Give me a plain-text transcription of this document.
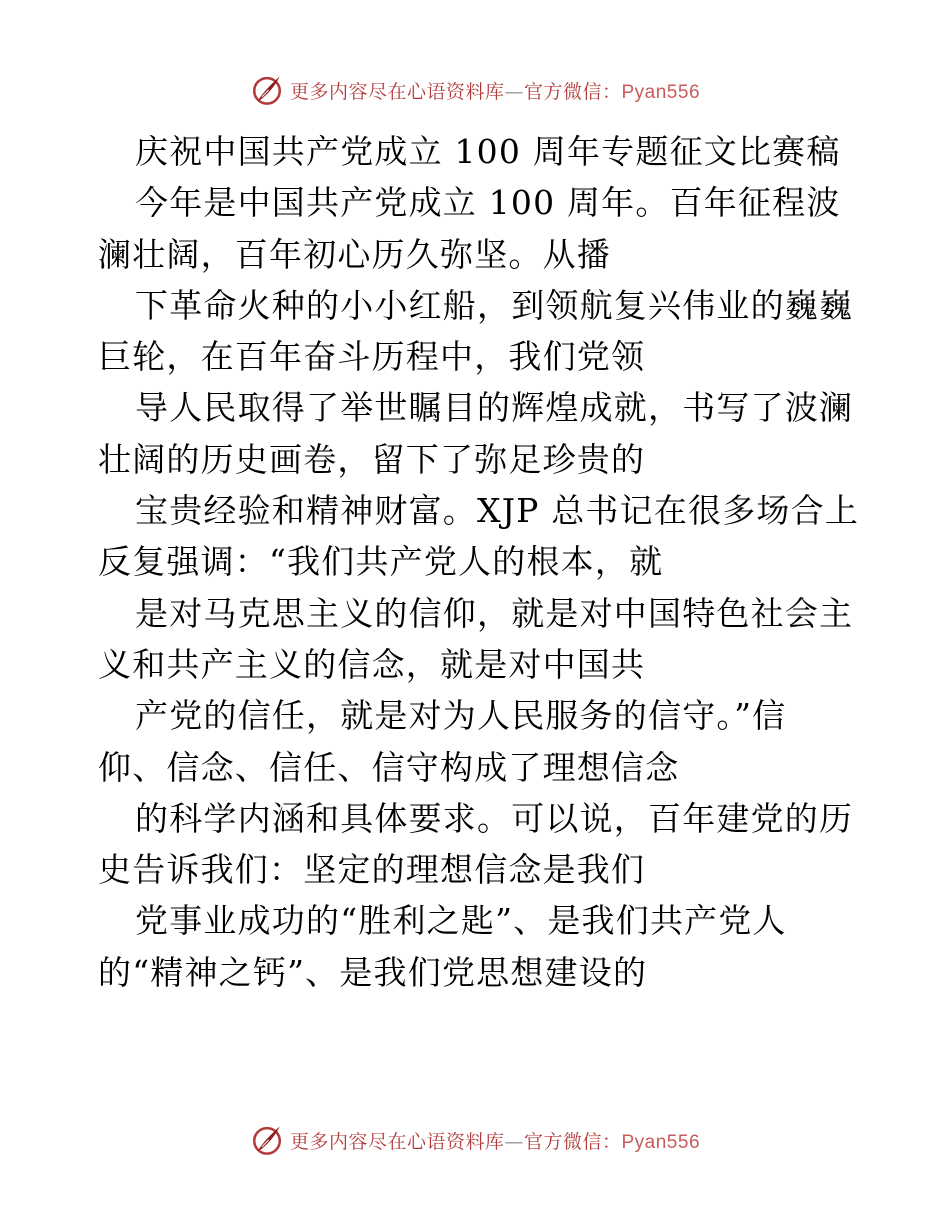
更多内容尽在心语资料库—官方微信：Pyan556
庆祝中国共产党成立 100 周年专题征文比赛稿
今年是中国共产党成立 100 周年。百年征程波
澜壮阔，百年初心历久弥坚。从播
下革命火种的小小红船，到领航复兴伟业的巍巍
巨轮，在百年奋斗历程中，我们党领
导人民取得了举世瞩目的辉煌成就，书写了波澜
壮阔的历史画卷，留下了弥足珍贵的
宝贵经验和精神财富。XJP 总书记在很多场合上
反复强调：“我们共产党人的根本，就
是对马克思主义的信仰，就是对中国特色社会主
义和共产主义的信念，就是对中国共
产党的信任，就是对为人民服务的信守。”信
仰、信念、信任、信守构成了理想信念
的科学内涵和具体要求。可以说，百年建党的历
史告诉我们：坚定的理想信念是我们
党事业成功的“胜利之匙”、是我们共产党人
的“精神之钙”、是我们党思想建设的
更多内容尽在心语资料库—官方微信：Pyan556
